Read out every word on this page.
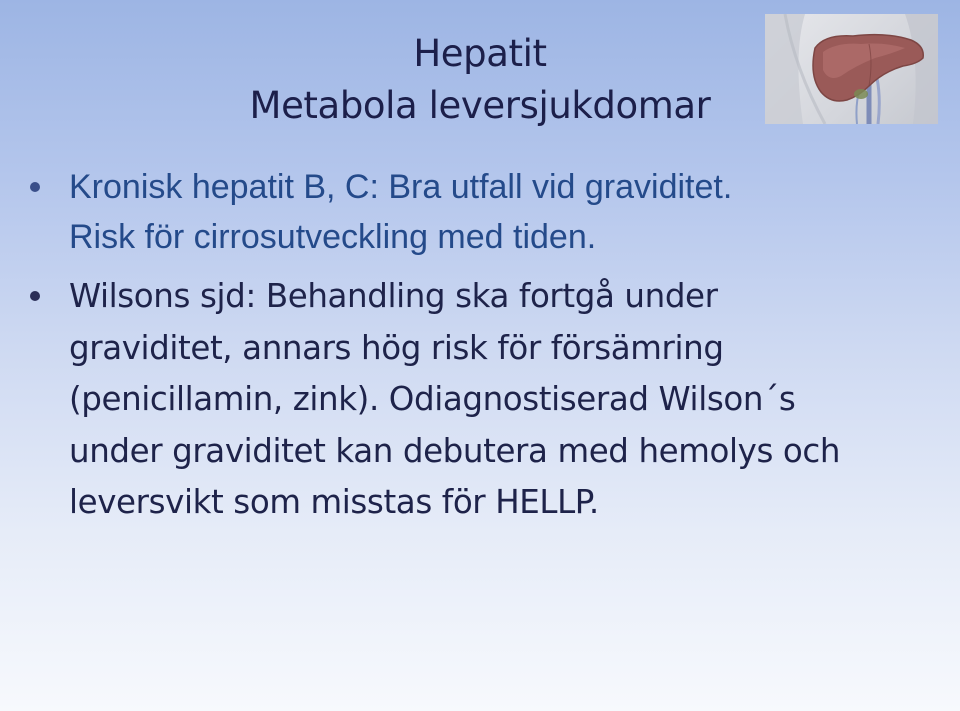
Hepatit
Metabola leversjukdomar
Kronisk hepatit B, C: Bra utfall vid graviditet.
Risk för cirrosutveckling med tiden.
Wilsons sjd: Behandling ska fortgå under
graviditet, annars hög risk för försämring
(penicillamin, zink). Odiagnostiserad Wilson´s
under graviditet kan debutera med hemolys och
leversvikt som misstas för HELLP.
